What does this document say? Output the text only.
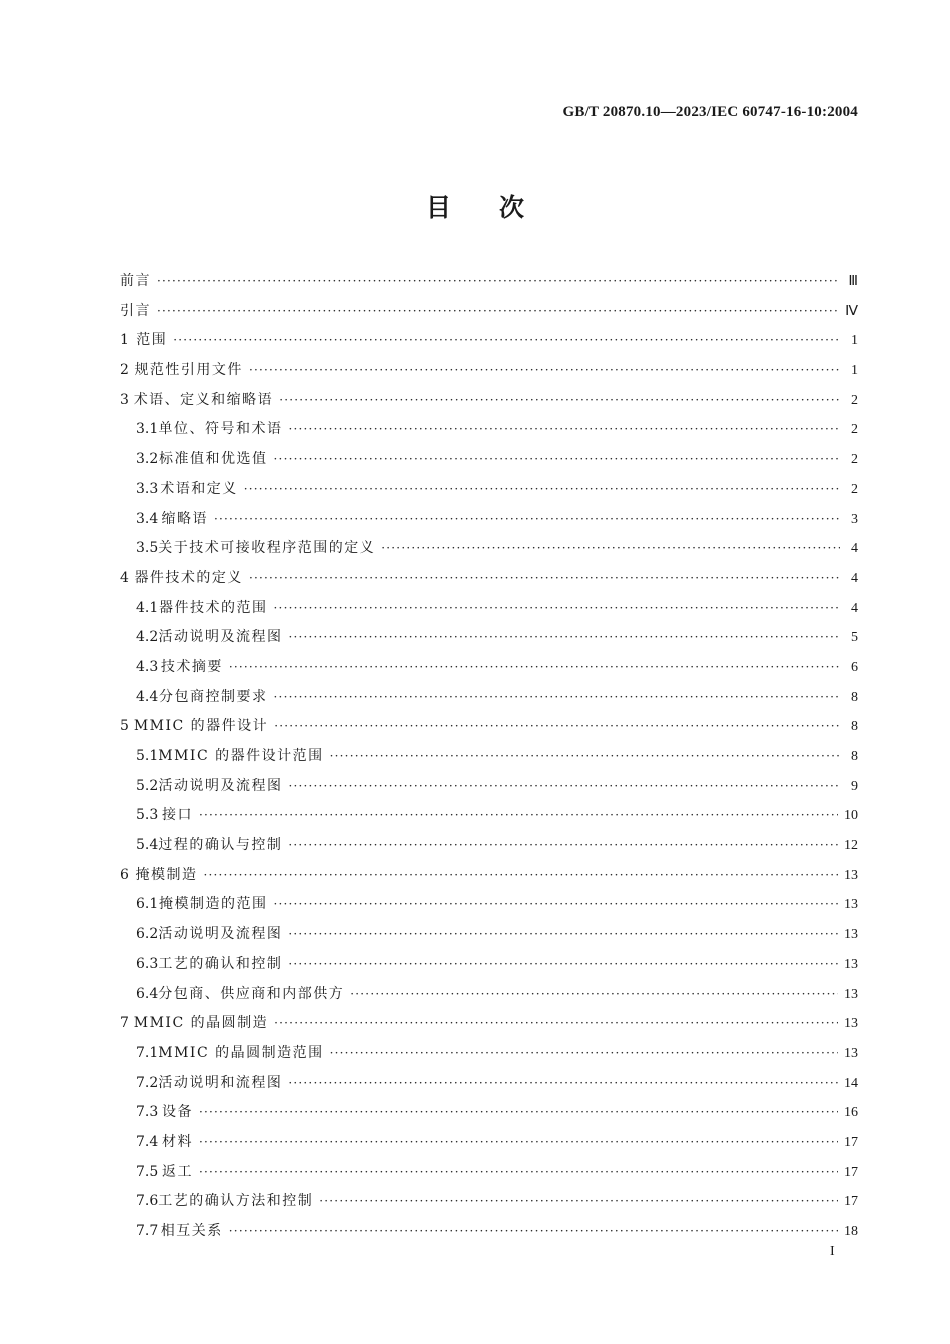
GB/T 20870.10—2023/IEC 60747-16-10:2004
目次
前言 ·····	Ⅲ
引言 ·····	Ⅳ
1 范围 ·····	1
2 规范性引用文件 ·····	1
3 术语、定义和缩略语 ·····	2
3.1 单位、符号和术语 ·····	2
3.2 标准值和优选值 ·····	2
3.3 术语和定义 ·····	2
3.4 缩略语 ·····	3
3.5 关于技术可接收程序范围的定义 ·····	4
4 器件技术的定义 ·····	4
4.1 器件技术的范围 ·····	4
4.2 活动说明及流程图 ·····	5
4.3 技术摘要 ·····	6
4.4 分包商控制要求 ·····	8
5 MMIC 的器件设计 ·····	8
5.1 MMIC 的器件设计范围 ·····	8
5.2 活动说明及流程图 ·····	9
5.3 接口 ·····	10
5.4 过程的确认与控制 ·····	12
6 掩模制造 ·····	13
6.1 掩模制造的范围 ·····	13
6.2 活动说明及流程图 ·····	13
6.3 工艺的确认和控制 ·····	13
6.4 分包商、供应商和内部供方 ·····	13
7 MMIC 的晶圆制造 ·····	13
7.1 MMIC 的晶圆制造范围 ·····	13
7.2 活动说明和流程图 ·····	14
7.3 设备 ·····	16
7.4 材料 ·····	17
7.5 返工 ·····	17
7.6 工艺的确认方法和控制 ·····	17
7.7 相互关系 ·····	18
I
